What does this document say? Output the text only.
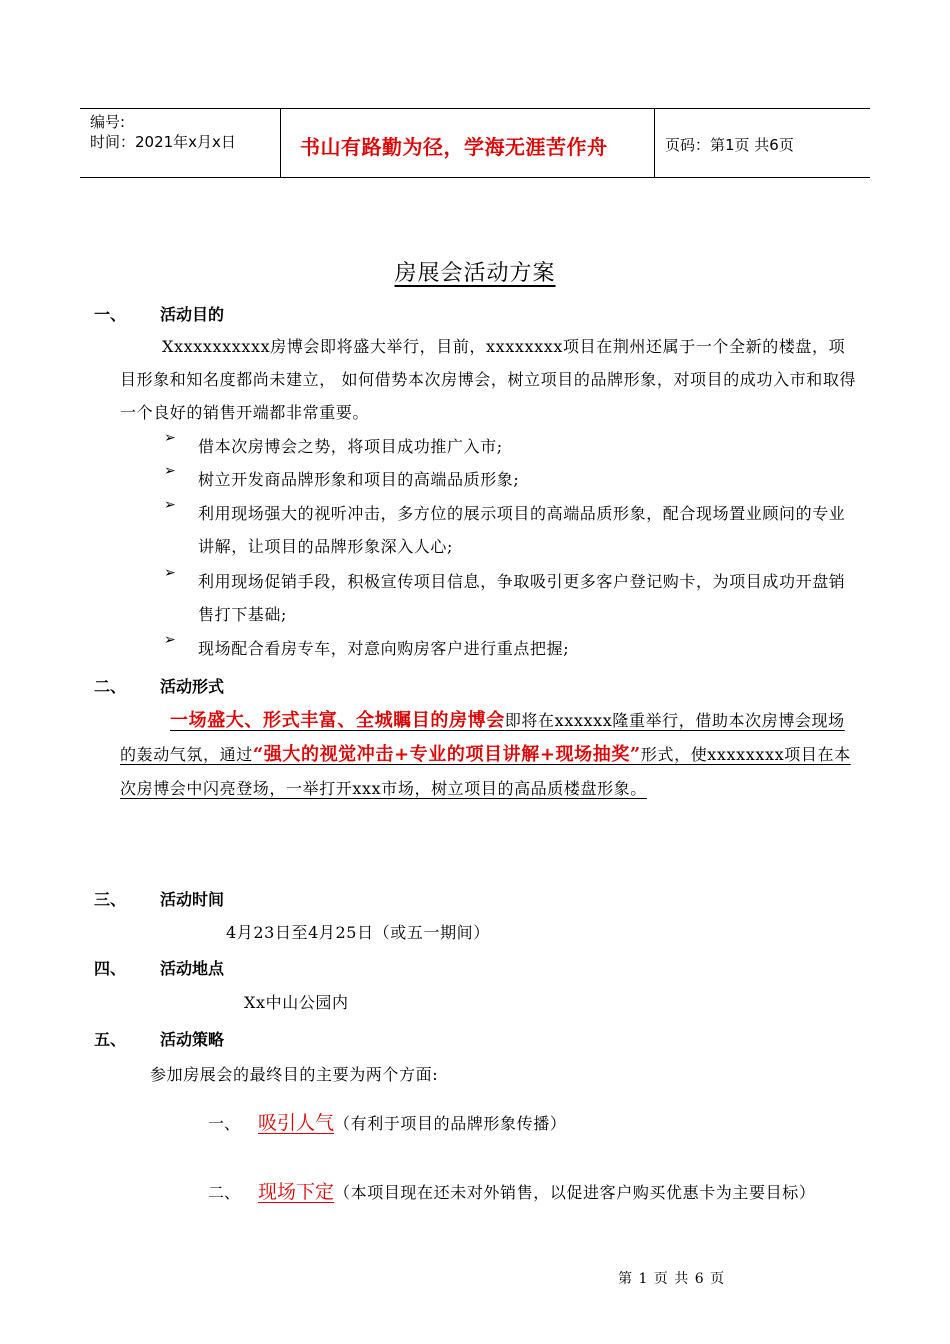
编号:
时间：2021年x月x日	书山有路勤为径，学海无涯苦作舟	页码：第1页 共6页
房展会活动方案
一、 活动目的
Xxxxxxxxxxx房博会即将盛大举行，目前，xxxxxxxx项目在荆州还属于一个全新的楼盘，项目形象和知名度都尚未建立， 如何借势本次房博会，树立项目的品牌形象，对项目的成功入市和取得一个良好的销售开端都非常重要。
➢ 借本次房博会之势，将项目成功推广入市;
➢ 树立开发商品牌形象和项目的高端品质形象;
➢ 利用现场强大的视听冲击，多方位的展示项目的高端品质形象，配合现场置业顾问的专业讲解，让项目的品牌形象深入人心;
➢ 利用现场促销手段，积极宣传项目信息，争取吸引更多客户登记购卡，为项目成功开盘销售打下基础;
➢ 现场配合看房专车，对意向购房客户进行重点把握;
二、 活动形式
一场盛大、形式丰富、全城瞩目的房博会即将在xxxxxx隆重举行，借助本次房博会现场的轰动气氛，通过“强大的视觉冲击+专业的项目讲解+现场抽奖”形式，使xxxxxxxx项目在本次房博会中闪亮登场，一举打开xxx市场，树立项目的高品质楼盘形象。
三、 活动时间
4月23日至4月25日（或五一期间）
四、 活动地点
Xx中山公园内
五、 活动策略
参加房展会的最终目的主要为两个方面:
一、 吸引人气（有利于项目的品牌形象传播）
二、 现场下定（本项目现在还未对外销售，以促进客户购买优惠卡为主要目标）
第 1 页 共 6 页
